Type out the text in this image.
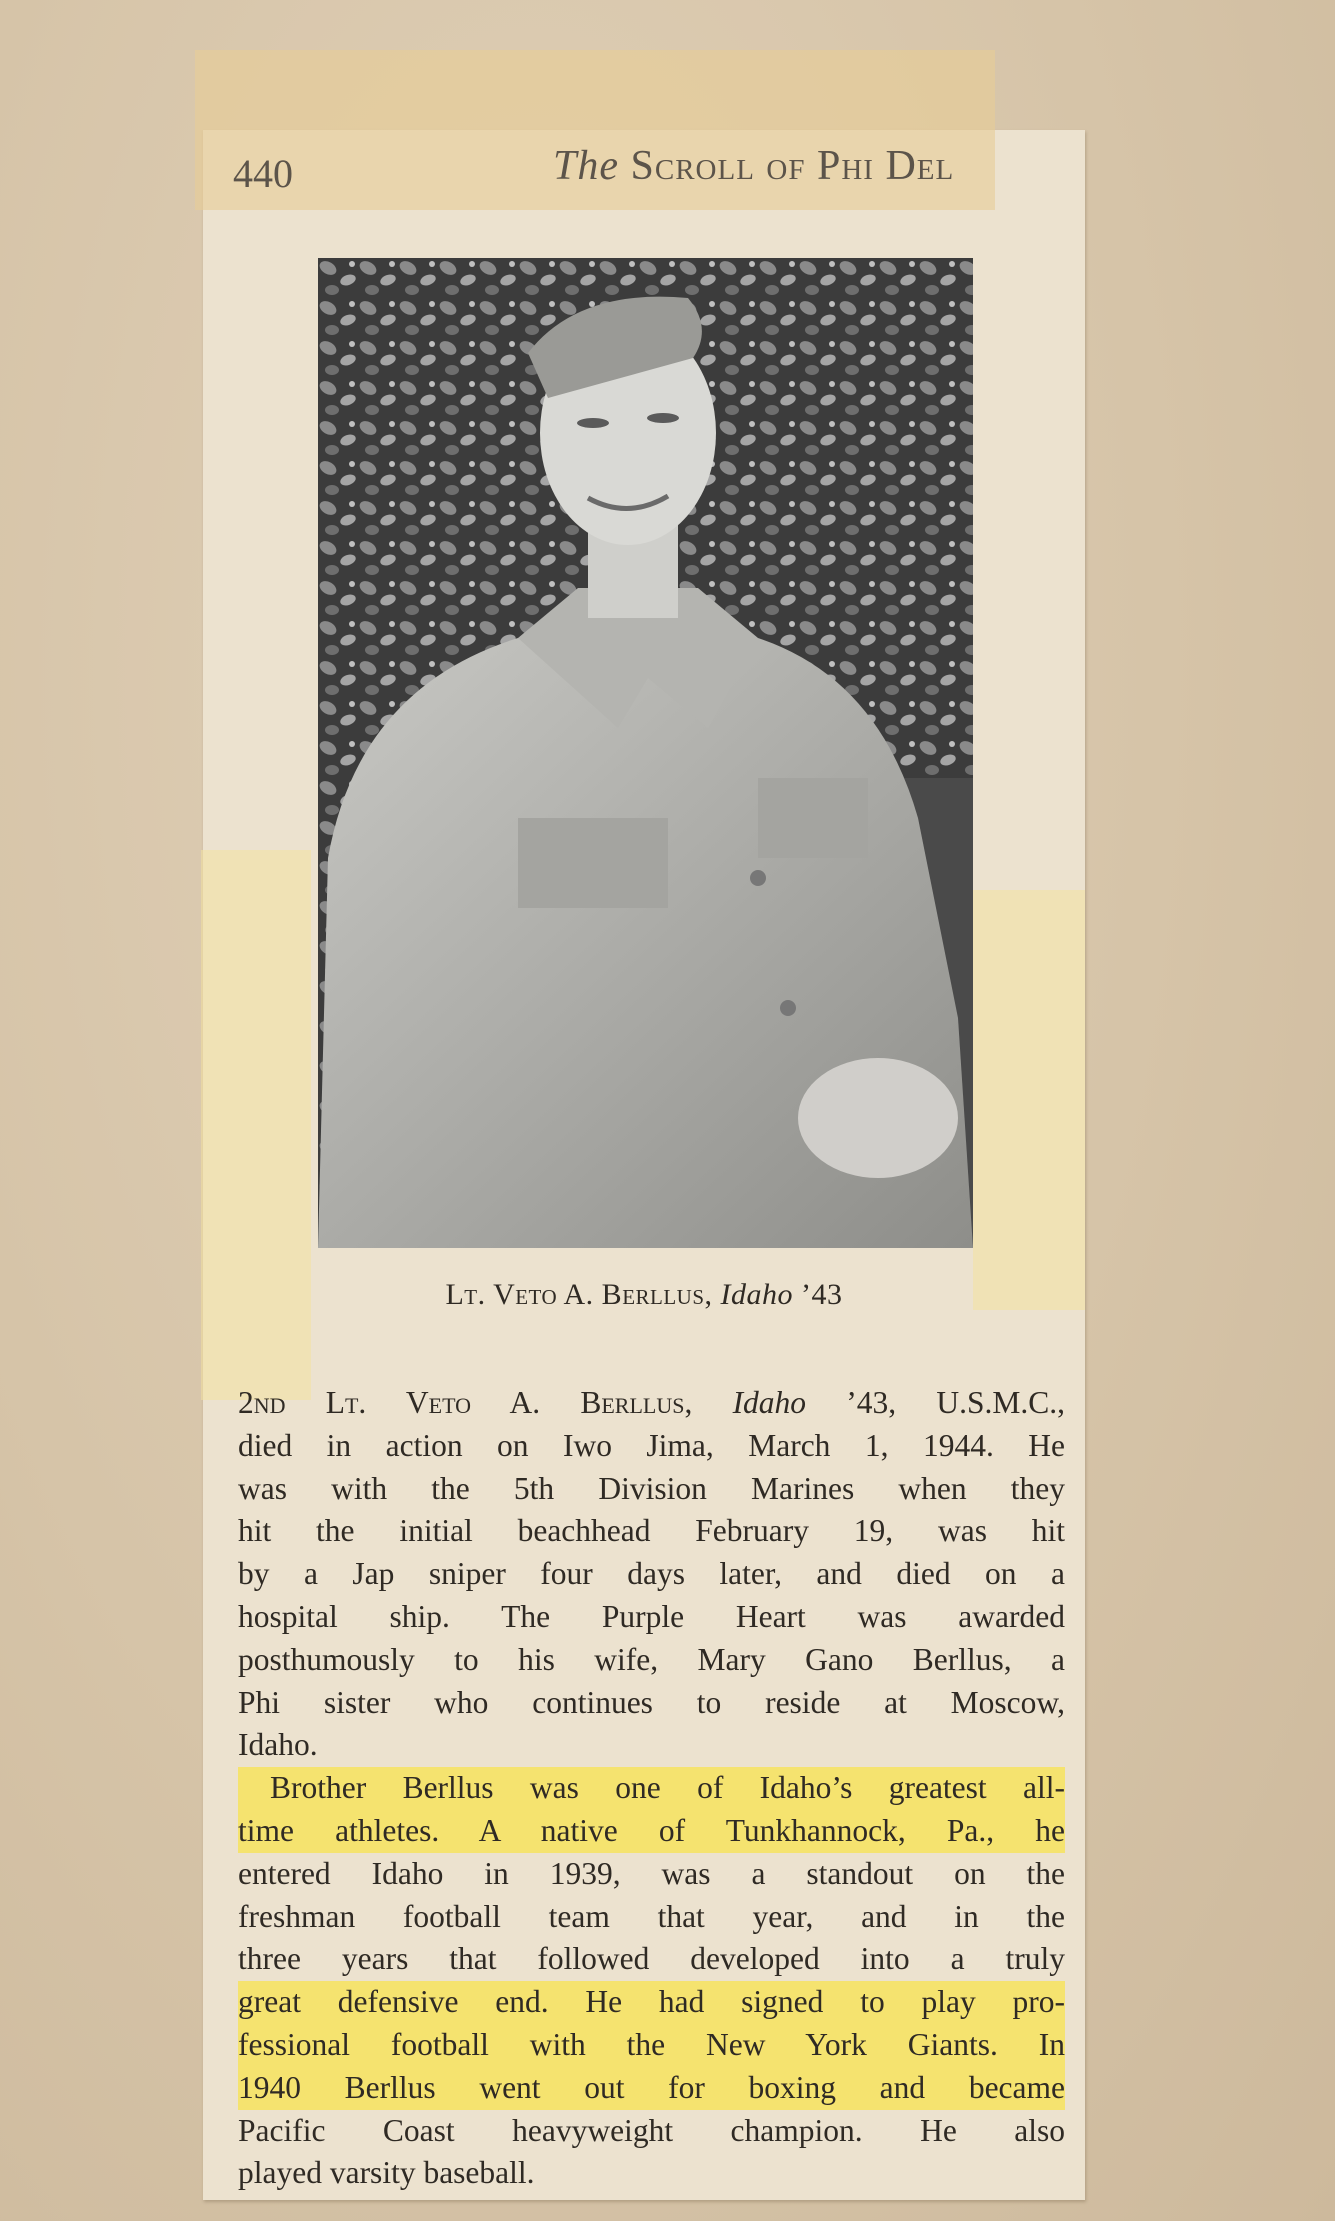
440	The Scroll of Phi Del
Lt. Veto A. Berllus, Idaho ’43
2nd Lt. Veto A. Berllus, Idaho ’43, U.S.M.C.,
died in action on Iwo Jima, March 1, 1944. He
was with the 5th Division Marines when they
hit the initial beachhead February 19, was hit
by a Jap sniper four days later, and died on a
hospital ship. The Purple Heart was awarded
posthumously to his wife, Mary Gano Berllus, a
Phi sister who continues to reside at Moscow,
Idaho.
Brother Berllus was one of Idaho’s greatest all-
time athletes. A native of Tunkhannock, Pa., he
entered Idaho in 1939, was a standout on the
freshman football team that year, and in the
three years that followed developed into a truly
great defensive end. He had signed to play pro-
fessional football with the New York Giants. In
1940 Berllus went out for boxing and became
Pacific Coast heavyweight champion. He also
played varsity baseball.
